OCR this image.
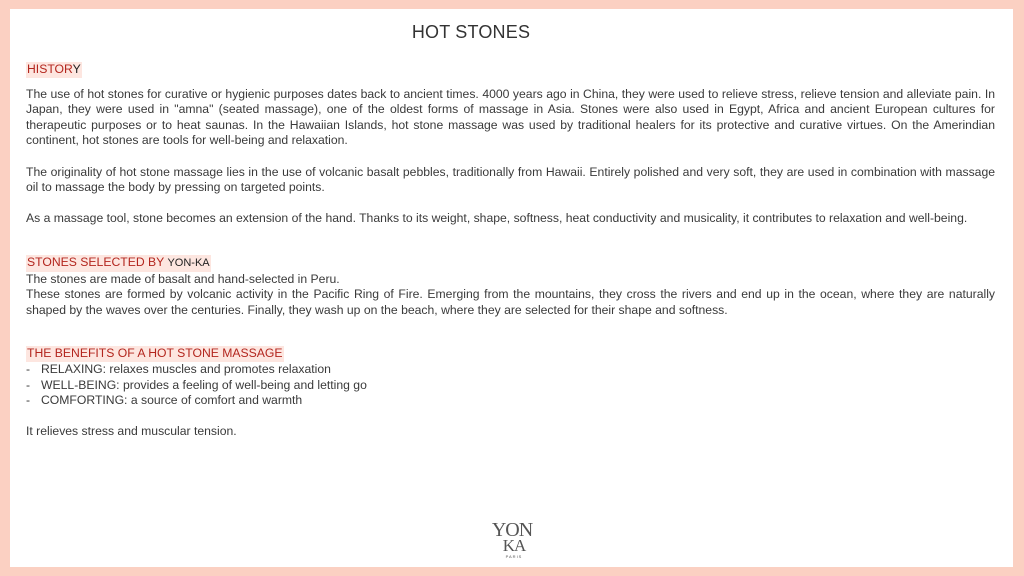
HOT STONES
HISTORY

The use of hot stones for curative or hygienic purposes dates back to ancient times. 4000 years ago in China, they were used to relieve stress, relieve tension and alleviate pain. In Japan, they were used in "amna" (seated massage), one of the oldest forms of massage in Asia. Stones were also used in Egypt, Africa and ancient European cultures for therapeutic purposes or to heat saunas. In the Hawaiian Islands, hot stone massage was used by traditional healers for its protective and curative virtues. On the Amerindian continent, hot stones are tools for well-being and relaxation.

The originality of hot stone massage lies in the use of volcanic basalt pebbles, traditionally from Hawaii. Entirely polished and very soft, they are used in combination with massage oil to massage the body by pressing on targeted points.

As a massage tool, stone becomes an extension of the hand. Thanks to its weight, shape, softness, heat conductivity and musicality, it contributes to relaxation and well-being.

STONES SELECTED BY YON-KA

The stones are made of basalt and hand-selected in Peru.

These stones are formed by volcanic activity in the Pacific Ring of Fire. Emerging from the mountains, they cross the rivers and end up in the ocean, where they are naturally shaped by the waves over the centuries. Finally, they wash up on the beach, where they are selected for their shape and softness.

THE BENEFITS OF A HOT STONE MASSAGE
- RELAXING: relaxes muscles and promotes relaxation
- WELL-BEING: provides a feeling of well-being and letting go
- COMFORTING: a source of comfort and warmth

It relieves stress and muscular tension.

YON
KA
PARIS
